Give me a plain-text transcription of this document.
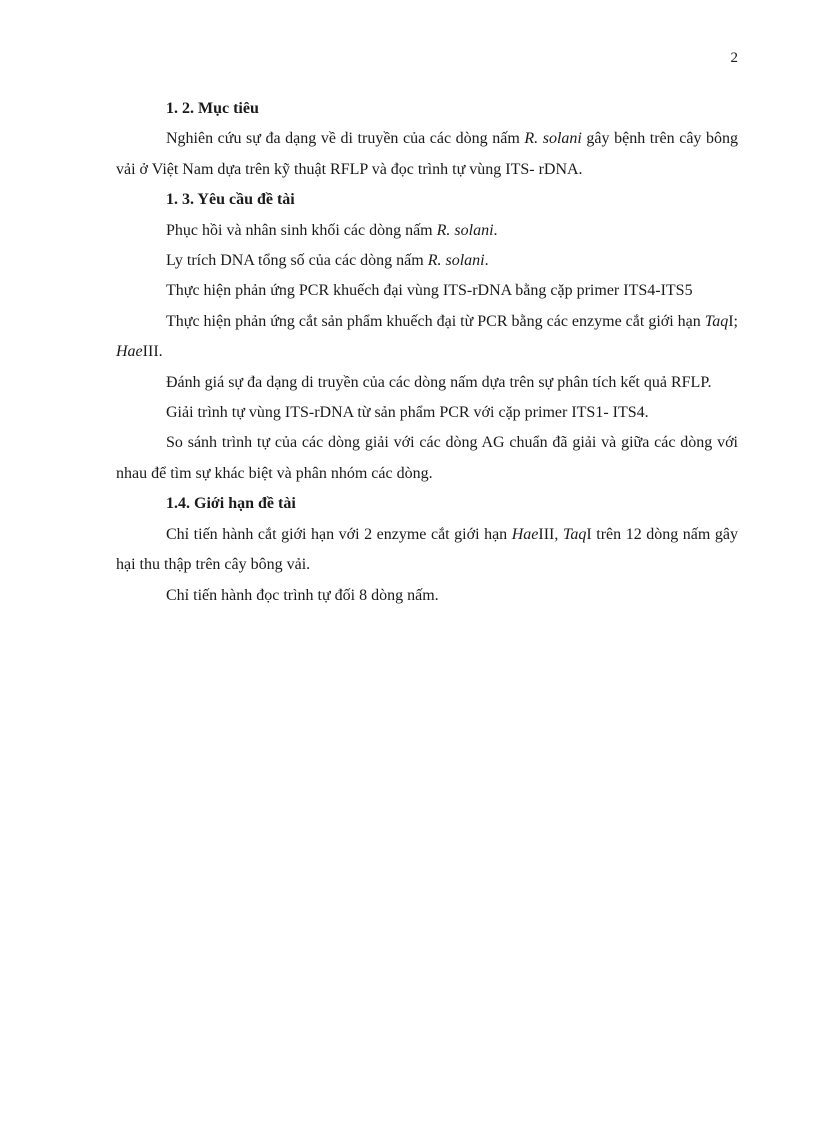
2
1. 2. Mục tiêu

Nghiên cứu sự đa dạng về di truyền của các dòng nấm R. solani gây bệnh trên cây bông vải ở Việt Nam dựa trên kỹ thuật RFLP và đọc trình tự vùng ITS- rDNA.

1. 3. Yêu cầu đề tài

Phục hồi và nhân sinh khối các dòng nấm R. solani.

Ly trích DNA tổng số của các dòng nấm R. solani.

Thực hiện phản ứng PCR khuếch đại vùng ITS-rDNA bằng cặp primer ITS4-ITS5

Thực hiện phản ứng cắt sản phẩm khuếch đại từ PCR bằng các enzyme cắt giới hạn TaqI; HaeIII.

Đánh giá sự đa dạng di truyền của các dòng nấm dựa trên sự phân tích kết quả RFLP.

Giải trình tự vùng ITS-rDNA từ sản phẩm PCR với cặp primer ITS1- ITS4.

So sánh trình tự của các dòng giải với các dòng AG chuẩn đã giải và giữa các dòng với nhau để tìm sự khác biệt và phân nhóm các dòng.

1.4. Giới hạn đề tài

Chỉ tiến hành cắt giới hạn với 2 enzyme cắt giới hạn HaeIII, TaqI trên 12 dòng nấm gây hại thu thập trên cây bông vải.

Chỉ tiến hành đọc trình tự đối 8 dòng nấm.
